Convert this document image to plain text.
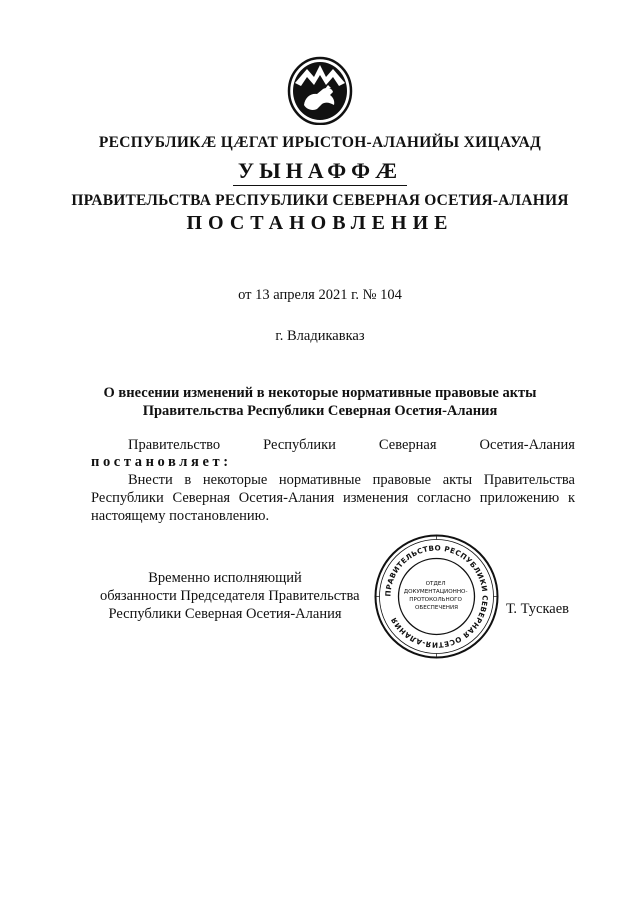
РЕСПУБЛИКӔ ЦӔГАТ ИРЫСТОН-АЛАНИЙЫ ХИЦАУАД
УЫНАФФӔ
ПРАВИТЕЛЬСТВА РЕСПУБЛИКИ СЕВЕРНАЯ ОСЕТИЯ-АЛАНИЯ
ПОСТАНОВЛЕНИЕ
от 13 апреля 2021 г. № 104
г. Владикавказ
О внесении изменений в некоторые нормативные правовые акты
Правительства Республики Северная Осетия-Алания
Правительство	Республики	Северная	Осетия-Алания
постановляет:
Внести в некоторые нормативные правовые акты Правительства Республики Северная Осетия-Алания изменения согласно приложению к настоящему постановлению.
Временно исполняющий
обязанности Председателя Правительства
Республики Северная Осетия-Алания
ПРАВИТЕЛЬСТВО РЕСПУБЛИКИ СЕВЕРНАЯ ОСЕТИЯ-АЛАНИЯ
ОТДЕЛ ДОКУМЕНТАЦИОННО- ПРОТОКОЛЬНОГО ОБЕСПЕЧЕНИЯ	Т. Тускаев
